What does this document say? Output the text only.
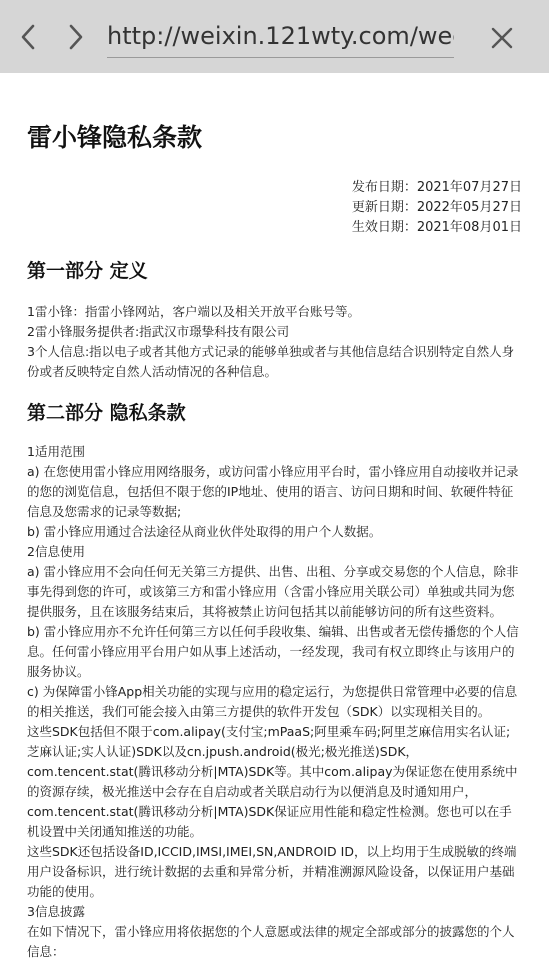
http://weixin.121wty.com/wechat/privacy
雷小锋隐私条款
发布日期：2021年07月27日
更新日期：2022年05月27日
生效日期：2021年08月01日
第一部分 定义

1雷小锋：指雷小锋网站，客户端以及相关开放平台账号等。

2雷小锋服务提供者:指武汉市璟挚科技有限公司

3个人信息:指以电子或者其他方式记录的能够单独或者与其他信息结合识别特定自然人身份或者反映特定自然人活动情况的各种信息。

第二部分 隐私条款

1适用范围

a) 在您使用雷小锋应用网络服务，或访问雷小锋应用平台时，雷小锋应用自动接收并记录的您的浏览信息，包括但不限于您的IP地址、使用的语言、访问日期和时间、软硬件特征信息及您需求的记录等数据;

b) 雷小锋应用通过合法途径从商业伙伴处取得的用户个人数据。

2信息使用

a) 雷小锋应用不会向任何无关第三方提供、出售、出租、分享或交易您的个人信息，除非事先得到您的许可，或该第三方和雷小锋应用（含雷小锋应用关联公司）单独或共同为您提供服务，且在该服务结束后，其将被禁止访问包括其以前能够访问的所有这些资料。

b) 雷小锋应用亦不允许任何第三方以任何手段收集、编辑、出售或者无偿传播您的个人信息。任何雷小锋应用平台用户如从事上述活动，一经发现，我司有权立即终止与该用户的服务协议。

c) 为保障雷小锋App相关功能的实现与应用的稳定运行，为您提供日常管理中必要的信息的相关推送，我们可能会接入由第三方提供的软件开发包（SDK）以实现相关目的。

这些SDK包括但不限于com.alipay(支付宝;mPaaS;阿里乘车码;阿里芝麻信用实名认证;芝麻认证;实人认证)SDK以及cn.jpush.android(极光;极光推送)SDK，com.tencent.stat(腾讯移动分析|MTA)SDK等。其中com.alipay为保证您在使用系统中的资源存续，极光推送中会存在自启动或者关联启动行为以便消息及时通知用户，com.tencent.stat(腾讯移动分析|MTA)SDK保证应用性能和稳定性检测。您也可以在手机设置中关闭通知推送的功能。

这些SDK还包括设备ID,ICCID,IMSI,IMEI,SN,ANDROID ID，以上均用于生成脱敏的终端用户设备标识，进行统计数据的去重和异常分析，并精准溯源风险设备，以保证用户基础功能的使用。

3信息披露

在如下情况下，雷小锋应用将依据您的个人意愿或法律的规定全部或部分的披露您的个人信息：
